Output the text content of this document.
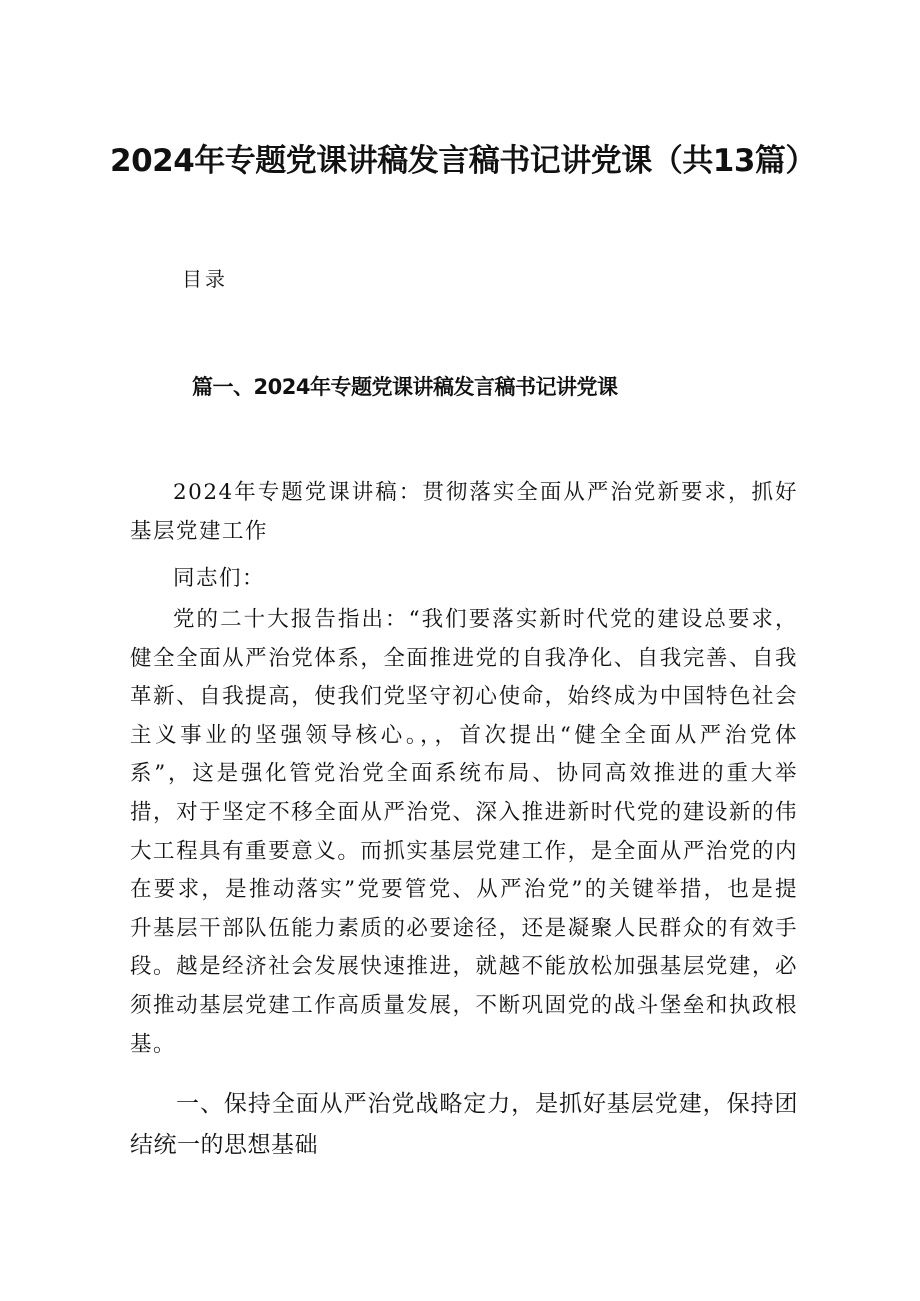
2024年专题党课讲稿发言稿书记讲党课（共13篇）
目录
篇一、2024年专题党课讲稿发言稿书记讲党课

2024年专题党课讲稿：贯彻落实全面从严治党新要求，抓好基层党建工作

同志们：

党的二十大报告指出：“我们要落实新时代党的建设总要求，健全全面从严治党体系，全面推进党的自我净化、自我完善、自我革新、自我提高，使我们党坚守初心使命，始终成为中国特色社会主义事业的坚强领导核心。，，首次提出“健全全面从严治党体系”，这是强化管党治党全面系统布局、协同高效推进的重大举措，对于坚定不移全面从严治党、深入推进新时代党的建设新的伟大工程具有重要意义。而抓实基层党建工作，是全面从严治党的内在要求，是推动落实”党要管党、从严治党”的关键举措，也是提升基层干部队伍能力素质的必要途径，还是凝聚人民群众的有效手段。越是经济社会发展快速推进，就越不能放松加强基层党建，必须推动基层党建工作高质量发展，不断巩固党的战斗堡垒和执政根基。

一、保持全面从严治党战略定力，是抓好基层党建，保持团结统一的思想基础
